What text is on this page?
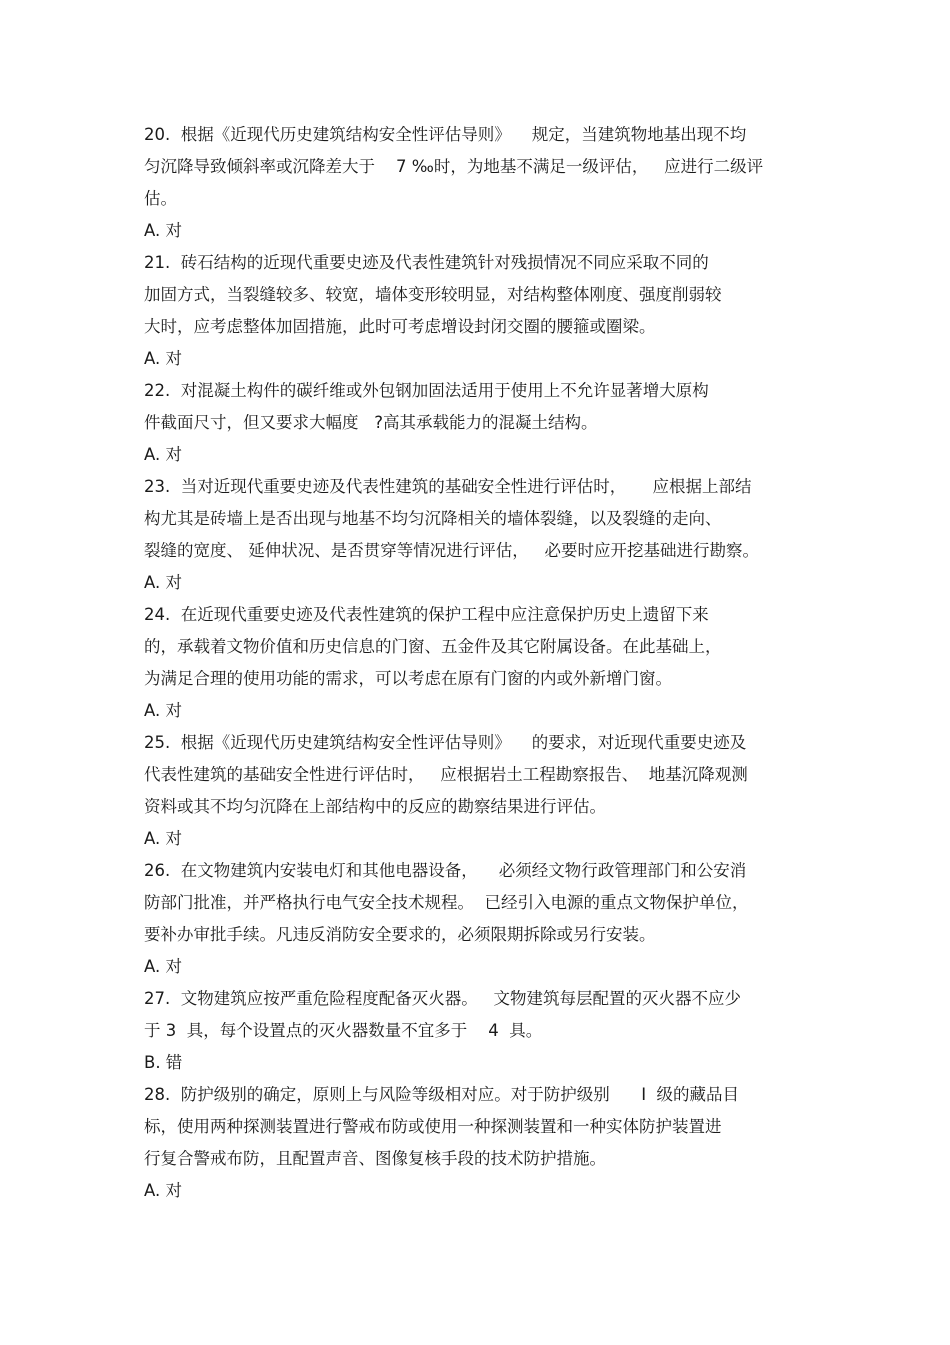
20.  根据《近现代历史建筑结构安全性评估导则》    规定，当建筑物地基出现不均
匀沉降导致倾斜率或沉降差大于    7 ‰时，为地基不满足一级评估，   应进行二级评
估。
A. 对
21.  砖石结构的近现代重要史迹及代表性建筑针对残损情况不同应采取不同的
加固方式，当裂缝较多、较宽，墙体变形较明显，对结构整体刚度、强度削弱较
大时，应考虑整体加固措施，此时可考虑增设封闭交圈的腰箍或圈梁。
A. 对
22.  对混凝土构件的碳纤维或外包钢加固法适用于使用上不允许显著增大原构
件截面尺寸，但又要求大幅度   ?高其承载能力的混凝土结构。
A. 对
23.  当对近现代重要史迹及代表性建筑的基础安全性进行评估时，     应根据上部结
构尤其是砖墙上是否出现与地基不均匀沉降相关的墙体裂缝，以及裂缝的走向、
裂缝的宽度、 延伸状况、是否贯穿等情况进行评估，   必要时应开挖基础进行勘察。
A. 对
24.  在近现代重要史迹及代表性建筑的保护工程中应注意保护历史上遗留下来
的，承载着文物价值和历史信息的门窗、五金件及其它附属设备。在此基础上，
为满足合理的使用功能的需求，可以考虑在原有门窗的内或外新增门窗。
A. 对
25.  根据《近现代历史建筑结构安全性评估导则》    的要求，对近现代重要史迹及
代表性建筑的基础安全性进行评估时，   应根据岩土工程勘察报告、  地基沉降观测
资料或其不均匀沉降在上部结构中的反应的勘察结果进行评估。
A. 对
26.  在文物建筑内安装电灯和其他电器设备，    必须经文物行政管理部门和公安消
防部门批准，并严格执行电气安全技术规程。  已经引入电源的重点文物保护单位，
要补办审批手续。凡违反消防安全要求的，必须限期拆除或另行安装。
A. 对
27.  文物建筑应按严重危险程度配备灭火器。   文物建筑每层配置的灭火器不应少
于 3  具，每个设置点的灭火器数量不宜多于    4  具。
B. 错
28.  防护级别的确定，原则上与风险等级相对应。对于防护级别      Ⅰ  级的藏品目
标，使用两种探测装置进行警戒布防或使用一种探测装置和一种实体防护装置进
行复合警戒布防，且配置声音、图像复核手段的技术防护措施。
A. 对
